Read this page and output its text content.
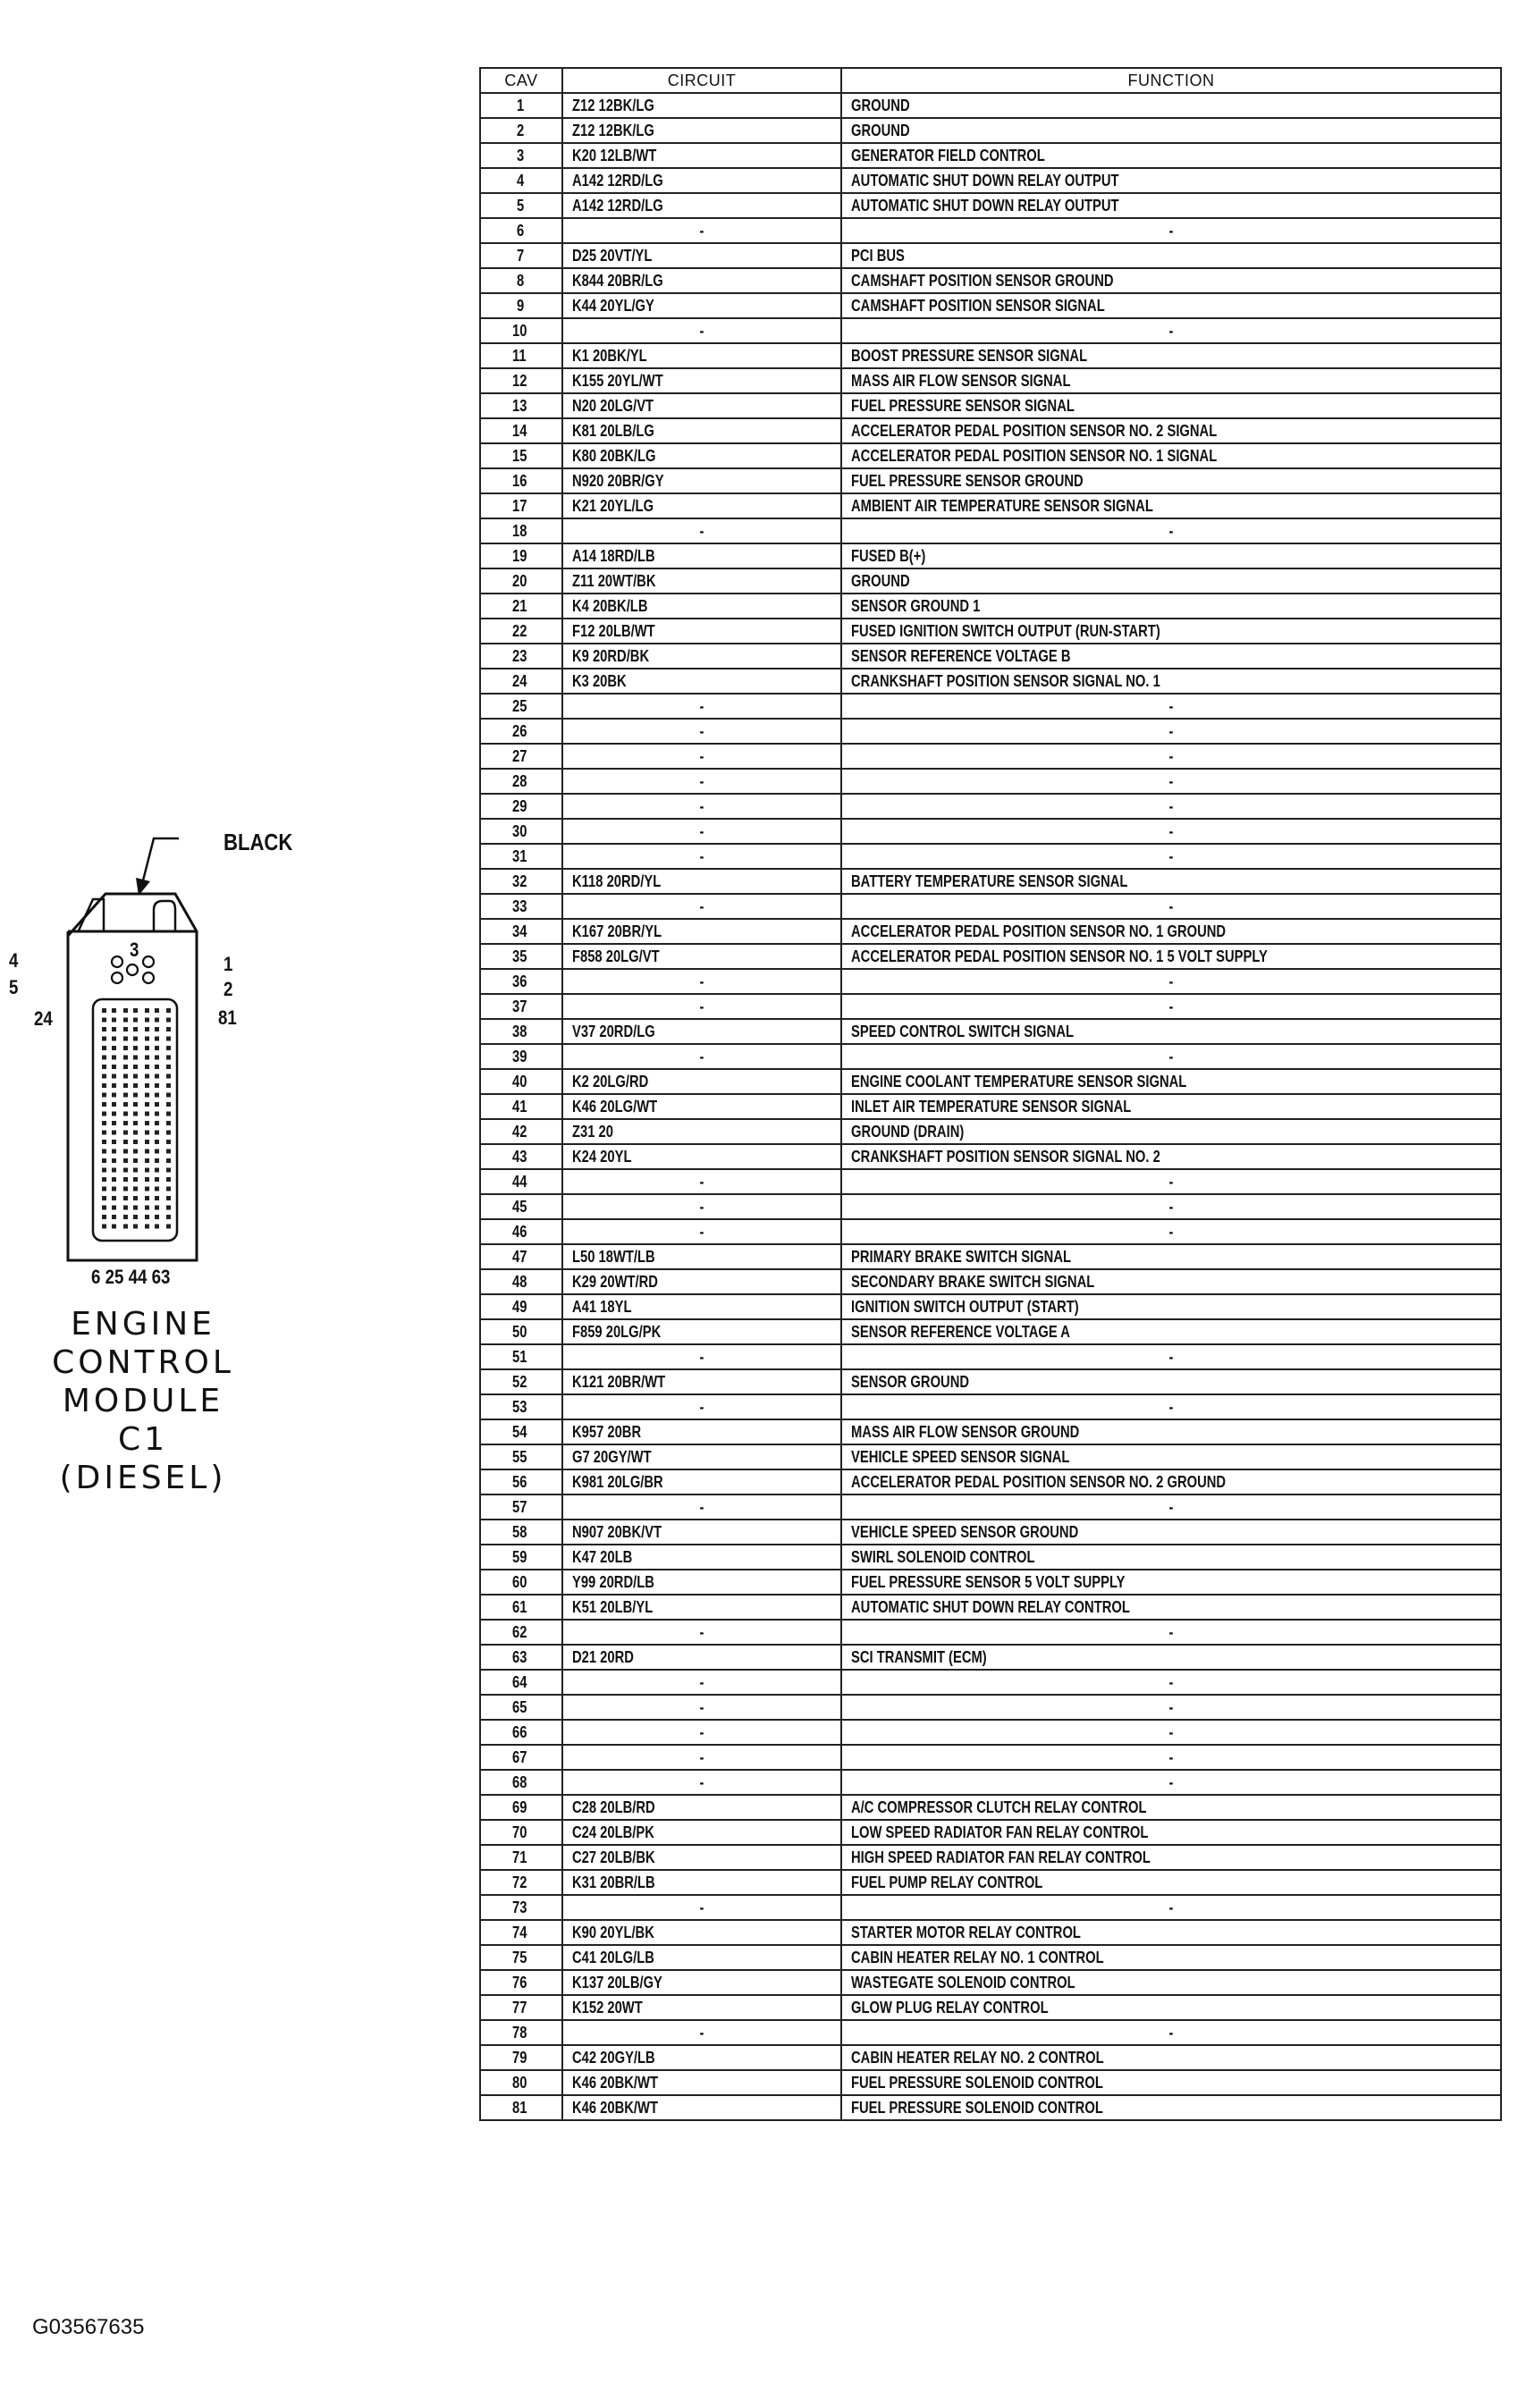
BLACK
4
5
24
3
1
2
81
6 25 44 63
ENGINE
CONTROL
MODULE
C1
(DIESEL)
CAV	CIRCUIT	FUNCTION
1	Z12 12BK/LG	GROUND
2	Z12 12BK/LG	GROUND
3	K20 12LB/WT	GENERATOR FIELD CONTROL
4	A142 12RD/LG	AUTOMATIC SHUT DOWN RELAY OUTPUT
5	A142 12RD/LG	AUTOMATIC SHUT DOWN RELAY OUTPUT
6	-	-
7	D25 20VT/YL	PCI BUS
8	K844 20BR/LG	CAMSHAFT POSITION SENSOR GROUND
9	K44 20YL/GY	CAMSHAFT POSITION SENSOR SIGNAL
10	-	-
11	K1 20BK/YL	BOOST PRESSURE SENSOR SIGNAL
12	K155 20YL/WT	MASS AIR FLOW SENSOR SIGNAL
13	N20 20LG/VT	FUEL PRESSURE SENSOR SIGNAL
14	K81 20LB/LG	ACCELERATOR PEDAL POSITION SENSOR NO. 2 SIGNAL
15	K80 20BK/LG	ACCELERATOR PEDAL POSITION SENSOR NO. 1 SIGNAL
16	N920 20BR/GY	FUEL PRESSURE SENSOR GROUND
17	K21 20YL/LG	AMBIENT AIR TEMPERATURE SENSOR SIGNAL
18	-	-
19	A14 18RD/LB	FUSED B(+)
20	Z11 20WT/BK	GROUND
21	K4 20BK/LB	SENSOR GROUND 1
22	F12 20LB/WT	FUSED IGNITION SWITCH OUTPUT (RUN-START)
23	K9 20RD/BK	SENSOR REFERENCE VOLTAGE B
24	K3 20BK	CRANKSHAFT POSITION SENSOR SIGNAL NO. 1
25	-	-
26	-	-
27	-	-
28	-	-
29	-	-
30	-	-
31	-	-
32	K118 20RD/YL	BATTERY TEMPERATURE SENSOR SIGNAL
33	-	-
34	K167 20BR/YL	ACCELERATOR PEDAL POSITION SENSOR NO. 1 GROUND
35	F858 20LG/VT	ACCELERATOR PEDAL POSITION SENSOR NO. 1 5 VOLT SUPPLY
36	-	-
37	-	-
38	V37 20RD/LG	SPEED CONTROL SWITCH SIGNAL
39	-	-
40	K2 20LG/RD	ENGINE COOLANT TEMPERATURE SENSOR SIGNAL
41	K46 20LG/WT	INLET AIR TEMPERATURE SENSOR SIGNAL
42	Z31 20	GROUND (DRAIN)
43	K24 20YL	CRANKSHAFT POSITION SENSOR SIGNAL NO. 2
44	-	-
45	-	-
46	-	-
47	L50 18WT/LB	PRIMARY BRAKE SWITCH SIGNAL
48	K29 20WT/RD	SECONDARY BRAKE SWITCH SIGNAL
49	A41 18YL	IGNITION SWITCH OUTPUT (START)
50	F859 20LG/PK	SENSOR REFERENCE VOLTAGE A
51	-	-
52	K121 20BR/WT	SENSOR GROUND
53	-	-
54	K957 20BR	MASS AIR FLOW SENSOR GROUND
55	G7 20GY/WT	VEHICLE SPEED SENSOR SIGNAL
56	K981 20LG/BR	ACCELERATOR PEDAL POSITION SENSOR NO. 2 GROUND
57	-	-
58	N907 20BK/VT	VEHICLE SPEED SENSOR GROUND
59	K47 20LB	SWIRL SOLENOID CONTROL
60	Y99 20RD/LB	FUEL PRESSURE SENSOR 5 VOLT SUPPLY
61	K51 20LB/YL	AUTOMATIC SHUT DOWN RELAY CONTROL
62	-	-
63	D21 20RD	SCI TRANSMIT (ECM)
64	-	-
65	-	-
66	-	-
67	-	-
68	-	-
69	C28 20LB/RD	A/C COMPRESSOR CLUTCH RELAY CONTROL
70	C24 20LB/PK	LOW SPEED RADIATOR FAN RELAY CONTROL
71	C27 20LB/BK	HIGH SPEED RADIATOR FAN RELAY CONTROL
72	K31 20BR/LB	FUEL PUMP RELAY CONTROL
73	-	-
74	K90 20YL/BK	STARTER MOTOR RELAY CONTROL
75	C41 20LG/LB	CABIN HEATER RELAY NO. 1 CONTROL
76	K137 20LB/GY	WASTEGATE SOLENOID CONTROL
77	K152 20WT	GLOW PLUG RELAY CONTROL
78	-	-
79	C42 20GY/LB	CABIN HEATER RELAY NO. 2 CONTROL
80	K46 20BK/WT	FUEL PRESSURE SOLENOID CONTROL
81	K46 20BK/WT	FUEL PRESSURE SOLENOID CONTROL
G03567635
